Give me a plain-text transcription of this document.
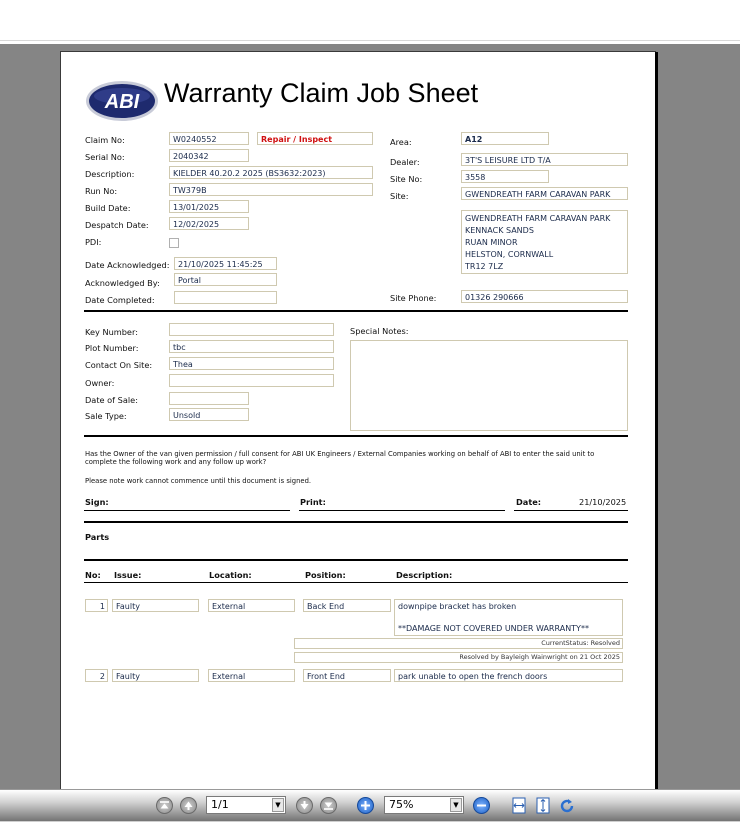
ABI Warranty Claim Job Sheet
Claim No:	W0240552	Repair / Inspect
Serial No:	2040342
Description:	KIELDER 40.20.2 2025 (BS3632:2023)
Run No:	TW379B
Build Date:	13/01/2025
Despatch Date:	12/02/2025
PDI:
Date Acknowledged:	21/10/2025 11:45:25
Acknowledged By:	Portal
Date Completed:
Area:	A12
Dealer:	3T'S LEISURE LTD T/A
Site No:	3558
Site:	GWENDREATH FARM CARAVAN PARK
GWENDREATH FARM CARAVAN PARK
KENNACK SANDS
RUAN MINOR
HELSTON, CORNWALL
TR12 7LZ
Site Phone:	01326 290666
Key Number:
Plot Number:	tbc
Contact On Site:	Thea
Owner:
Date of Sale:
Sale Type:	Unsold
Special Notes:
Has the Owner of the van given permission / full consent for ABI UK Engineers / External Companies working on behalf of ABI to enter the said unit to complete the following work and any follow up work?
Please note work cannot commence until this document is signed.
Sign:	Print:	Date:	21/10/2025
Parts
No: Issue:	Location:	Position:	Description:
1	Faulty	External	Back End	downpipe bracket has broken
**DAMAGE NOT COVERED UNDER WARRANTY**
CurrentStatus: Resolved
Resolved by Bayleigh Wainwright on 21 Oct 2025
2	Faulty	External	Front End	park unable to open the french doors
1/1	▼	75%	▼
